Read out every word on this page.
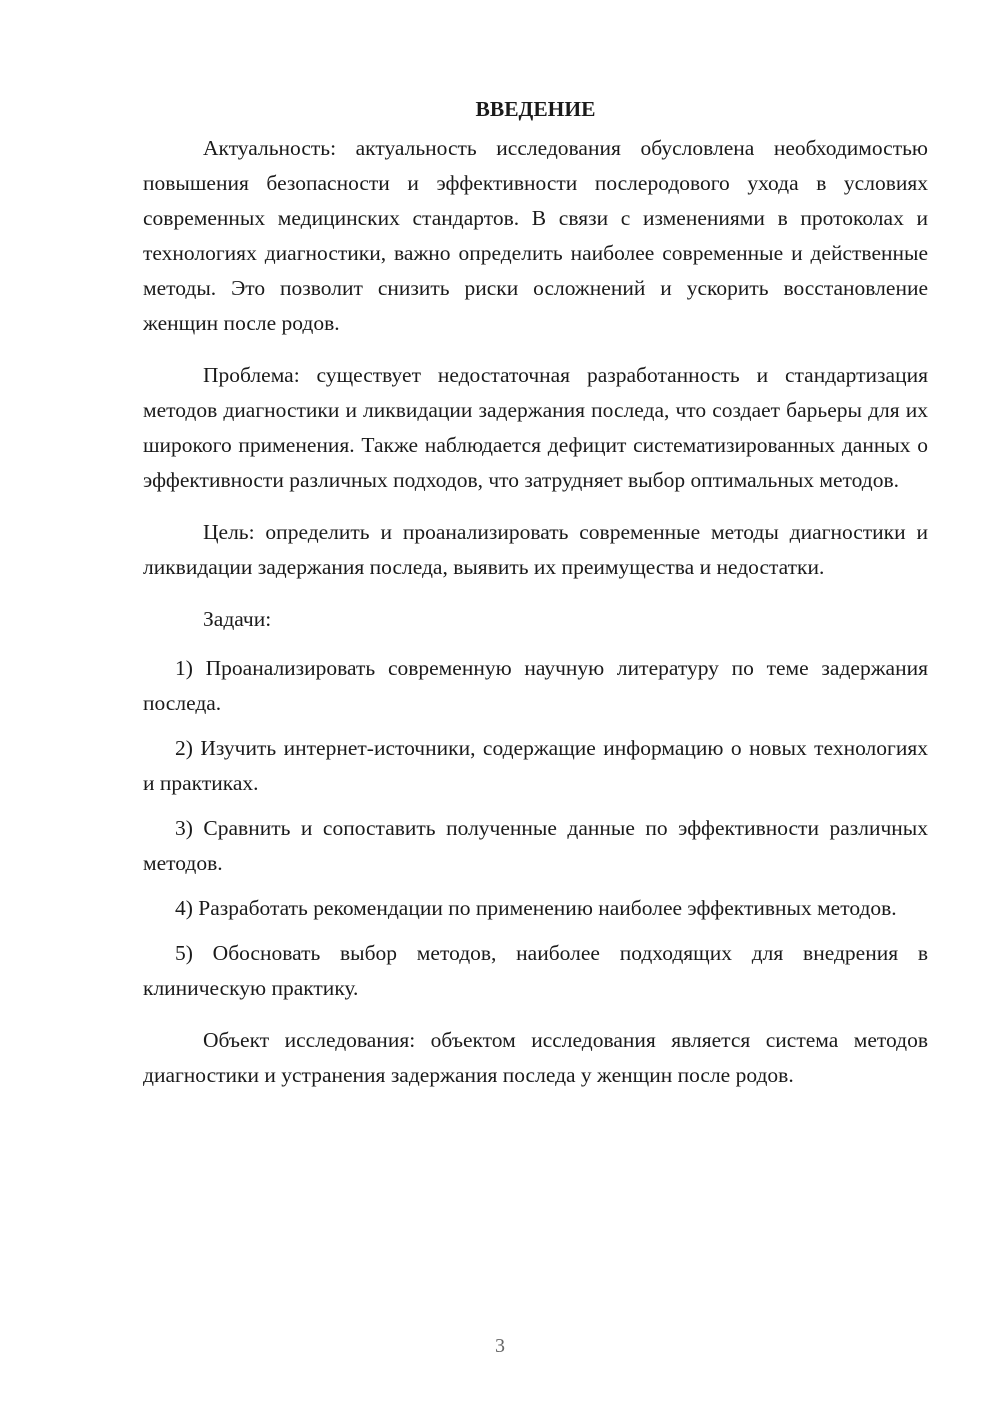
ВВЕДЕНИЕ

Актуальность: актуальность исследования обусловлена необходимостью повышения безопасности и эффективности послеродового ухода в условиях современных медицинских стандартов. В связи с изменениями в протоколах и технологиях диагностики, важно определить наиболее современные и действенные методы. Это позволит снизить риски осложнений и ускорить восстановление женщин после родов.

Проблема: существует недостаточная разработанность и стандартизация методов диагностики и ликвидации задержания последа, что создает барьеры для их широкого применения. Также наблюдается дефицит систематизированных данных о эффективности различных подходов, что затрудняет выбор оптимальных методов.

Цель: определить и проанализировать современные методы диагностики и ликвидации задержания последа, выявить их преимущества и недостатки.

Задачи:

1) Проанализировать современную научную литературу по теме задержания последа.

2) Изучить интернет-источники, содержащие информацию о новых технологиях и практиках.

3) Сравнить и сопоставить полученные данные по эффективности различных методов.

4) Разработать рекомендации по применению наиболее эффективных методов.

5) Обосновать выбор методов, наиболее подходящих для внедрения в клиническую практику.

Объект исследования: объектом исследования является система методов диагностики и устранения задержания последа у женщин после родов.

3
